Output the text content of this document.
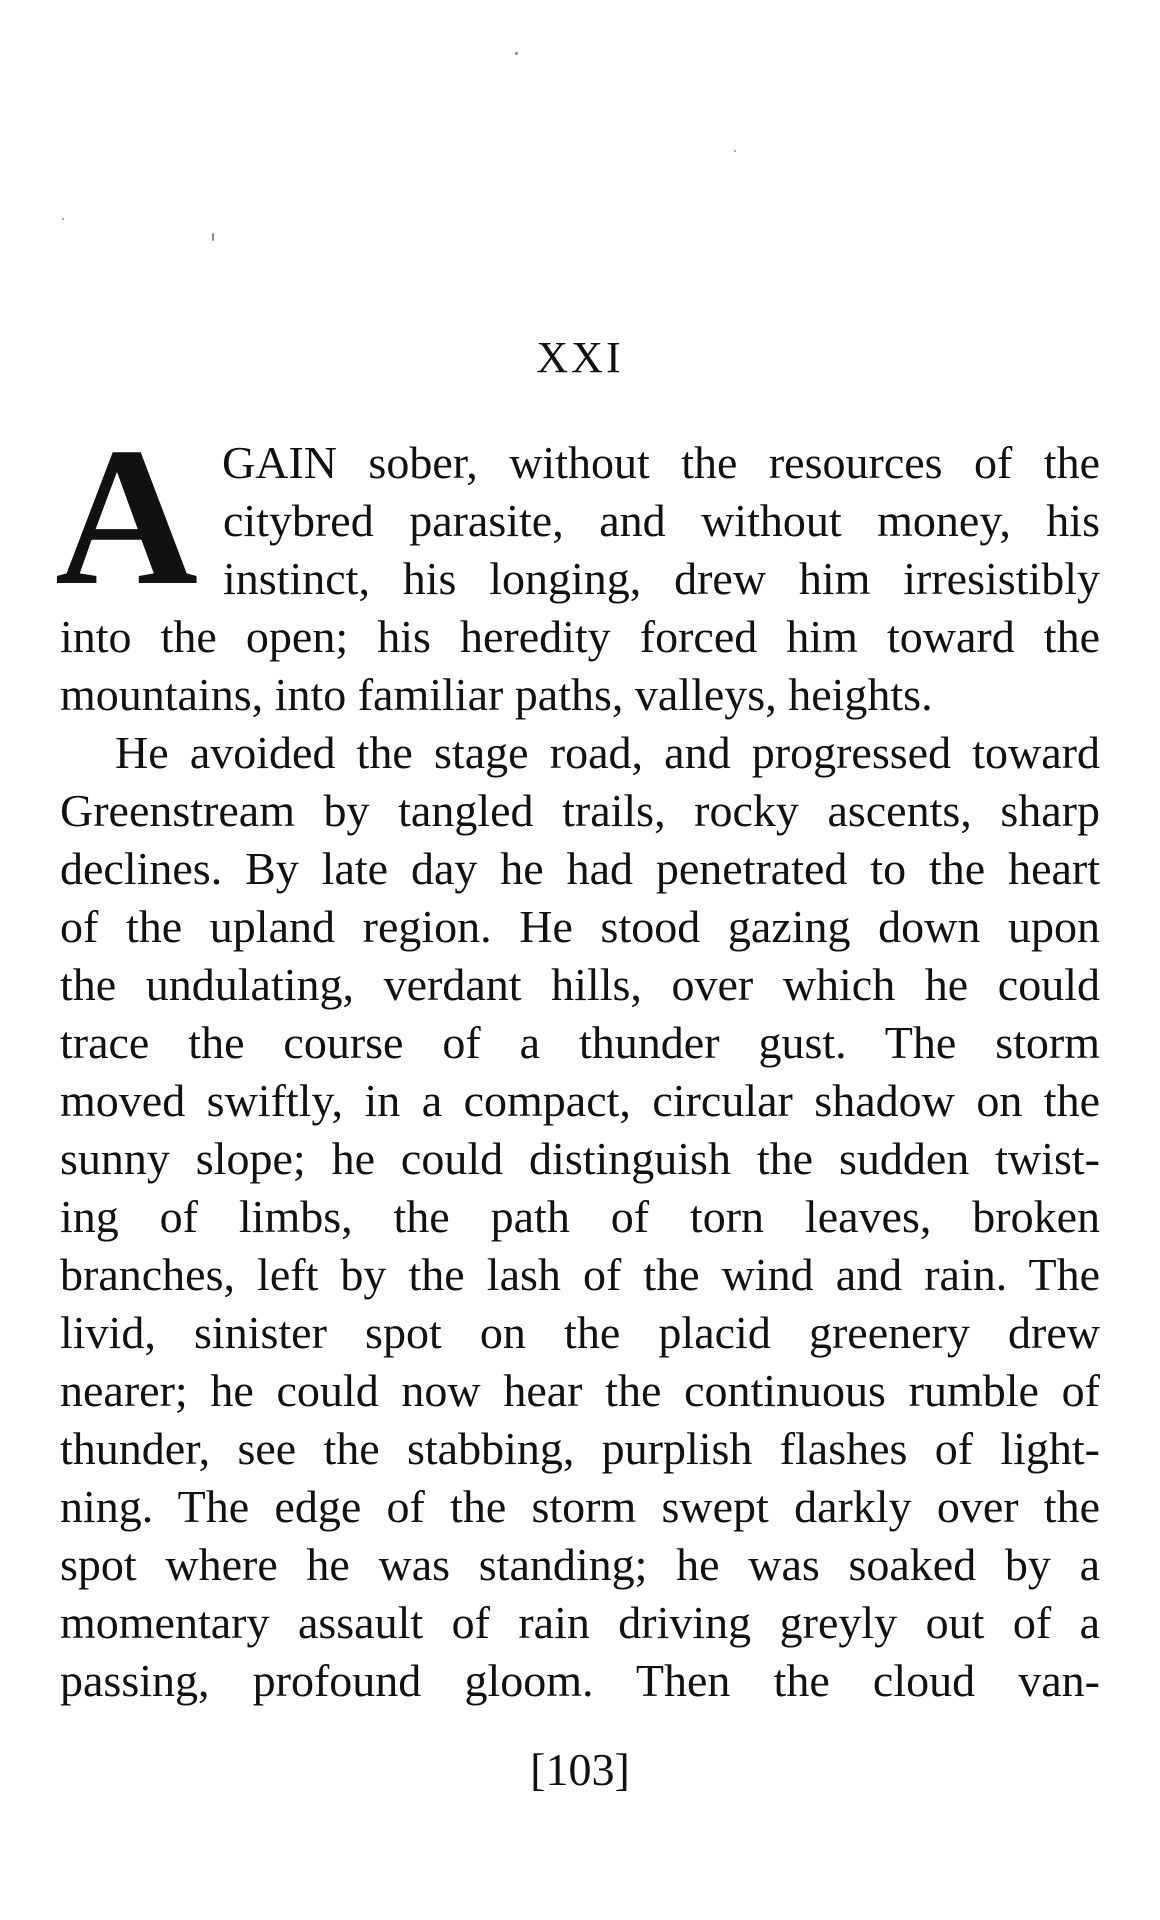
XXI
A GAIN sober, without the resources of the
citybred parasite, and without money, his
instinct, his longing, drew him irresistibly
into the open; his heredity forced him toward the
mountains, into familiar paths, valleys, heights.
He avoided the stage road, and progressed toward
Greenstream by tangled trails, rocky ascents, sharp
declines. By late day he had penetrated to the heart
of the upland region. He stood gazing down upon
the undulating, verdant hills, over which he could
trace the course of a thunder gust. The storm
moved swiftly, in a compact, circular shadow on the
sunny slope; he could distinguish the sudden twist-
ing of limbs, the path of torn leaves, broken
branches, left by the lash of the wind and rain. The
livid, sinister spot on the placid greenery drew
nearer; he could now hear the continuous rumble of
thunder, see the stabbing, purplish flashes of light-
ning. The edge of the storm swept darkly over the
spot where he was standing; he was soaked by a
momentary assault of rain driving greyly out of a
passing, profound gloom. Then the cloud van-
[103]
